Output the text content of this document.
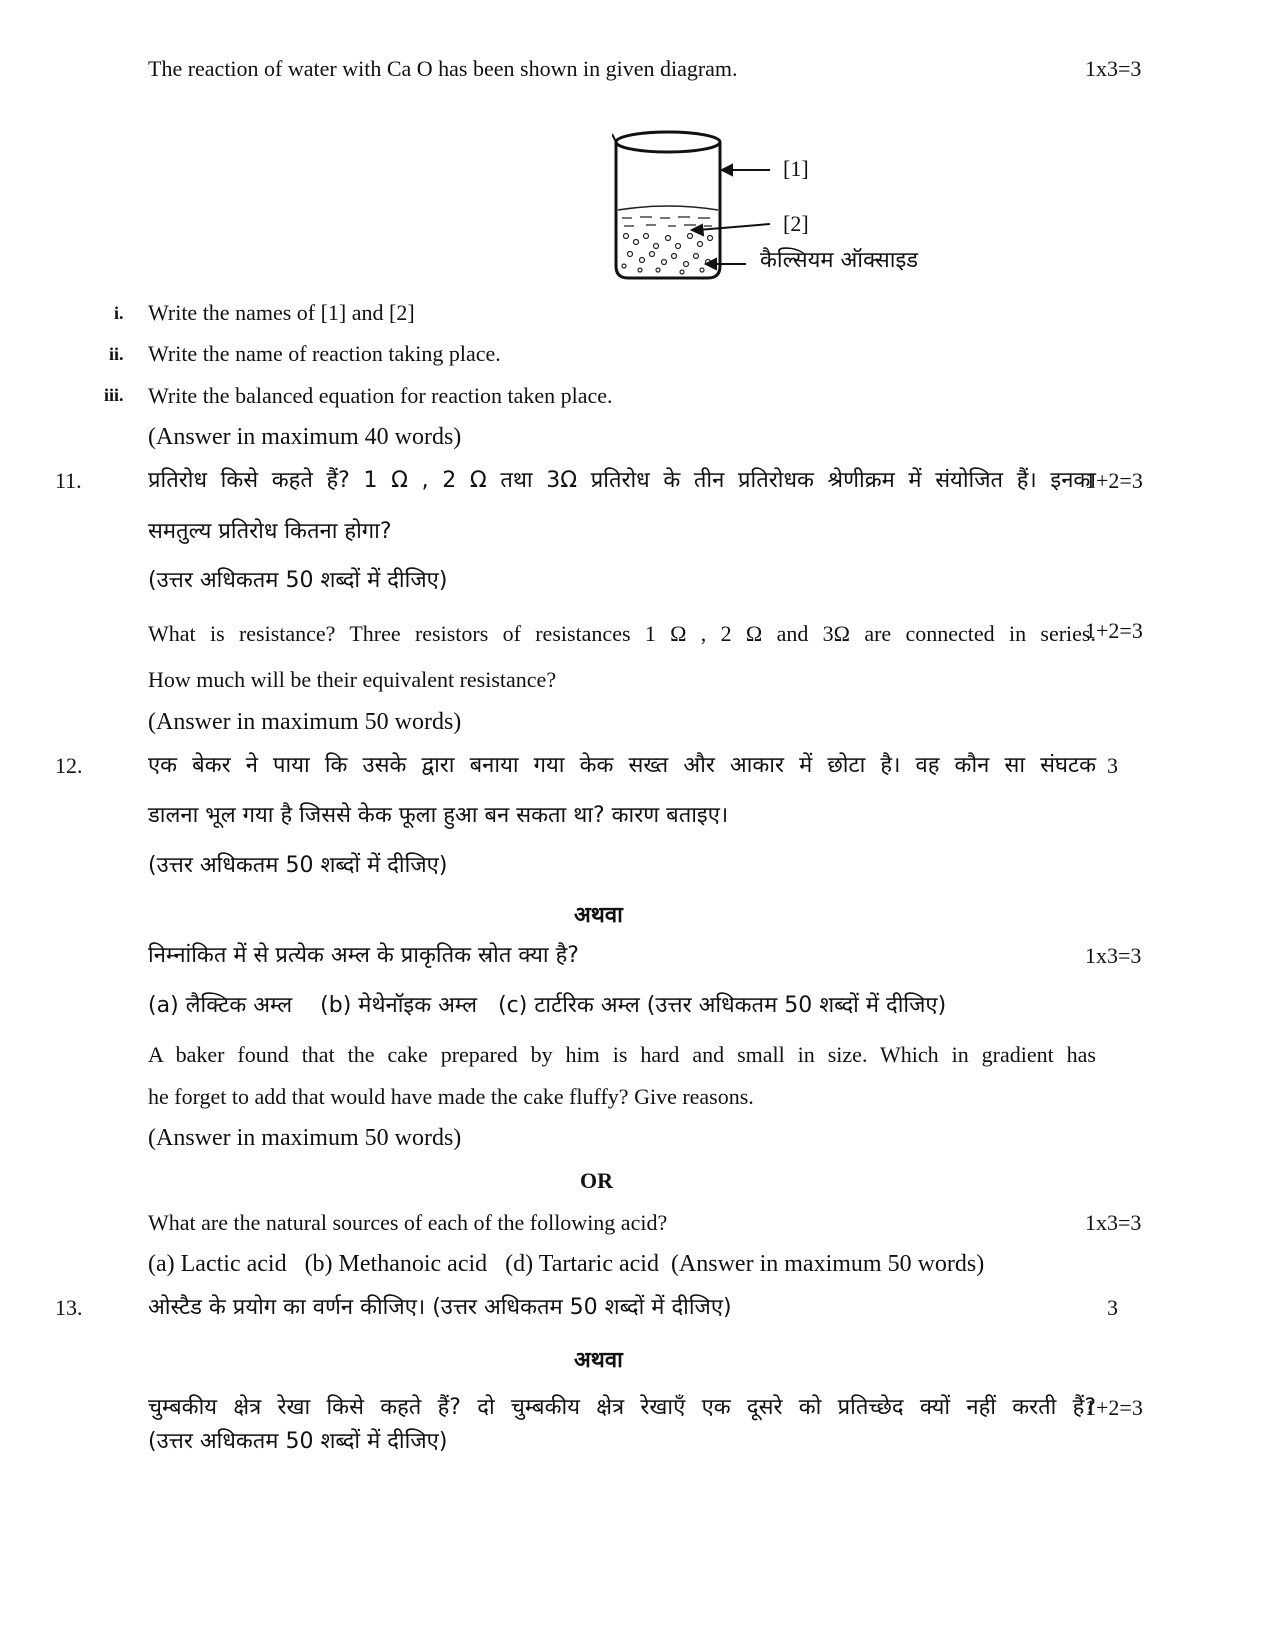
The reaction of water with Ca O has been shown in given diagram.	1x3=3
[1]
[2]
कैल्सियम ऑक्साइड
i. Write the names of [1] and [2]
ii. Write the name of reaction taking place.
iii. Write the balanced equation for reaction taken place.
(Answer in maximum 40 words)
11.	प्रतिरोध किसे कहते हैं? 1 Ω , 2 Ω तथा 3Ω प्रतिरोध के तीन प्रतिरोधक श्रेणीक्रम में संयोजित हैं। इनका
1+2=3
समतुल्य प्रतिरोध कितना होगा?
(उत्तर अधिकतम 50 शब्दों में दीजिए)
What is resistance? Three resistors of resistances 1 Ω , 2 Ω and 3Ω are connected in series.
1+2=3
How much will be their equivalent resistance?
(Answer in maximum 50 words)
12.	एक बेकर ने पाया कि उसके द्वारा बनाया गया केक सख्त और आकार में छोटा है। वह कौन सा संघटक 3
डालना भूल गया है जिससे केक फूला हुआ बन सकता था? कारण बताइए।
(उत्तर अधिकतम 50 शब्दों में दीजिए)
अथवा
निम्नांकित में से प्रत्येक अम्ल के प्राकृतिक स्रोत क्या है?	1x3=3
(a) लैक्टिक अम्ल    (b) मेथेनॉइक अम्ल   (c) टार्टरिक अम्ल (उत्तर अधिकतम 50 शब्दों में दीजिए)
A baker found that the cake prepared by him is hard and small in size. Which in gradient has
he forget to add that would have made the cake fluffy? Give reasons.
(Answer in maximum 50 words)
OR
What are the natural sources of each of the following acid?	1x3=3
(a) Lactic acid   (b) Methanoic acid   (d) Tartaric acid  (Answer in maximum 50 words)
13.	ओस्टैड के प्रयोग का वर्णन कीजिए। (उत्तर अधिकतम 50 शब्दों में दीजिए)	3
अथवा
चुम्बकीय क्षेत्र रेखा किसे कहते हैं? दो चुम्बकीय क्षेत्र रेखाएँ एक दूसरे को प्रतिच्छेद क्यों नहीं करती हैं?
1+2=3
(उत्तर अधिकतम 50 शब्दों में दीजिए)
